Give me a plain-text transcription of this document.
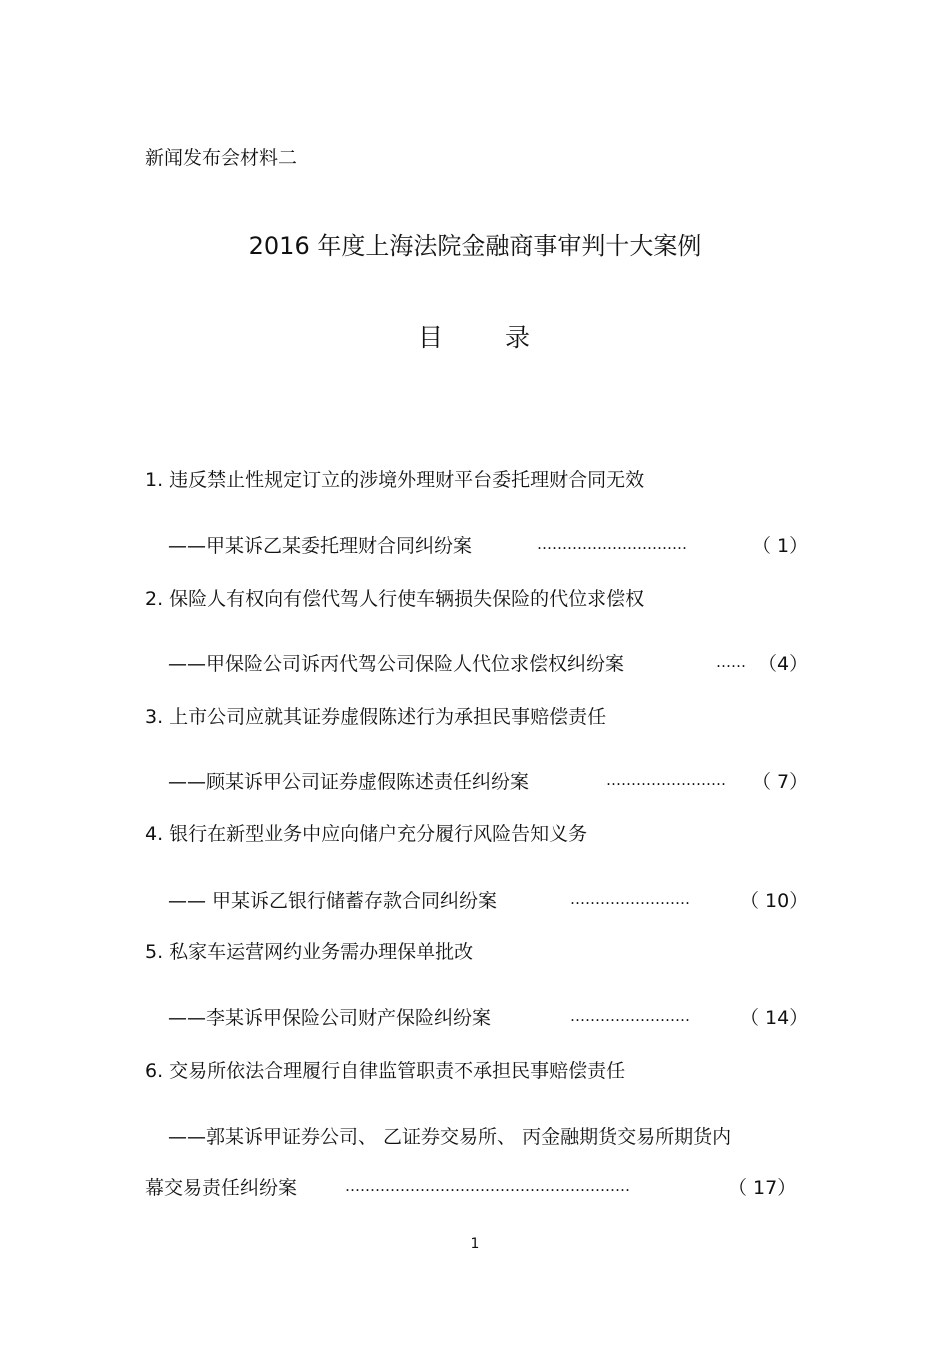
新闻发布会材料二
2016 年度上海法院金融商事审判十大案例
目 录
1. 违反禁止性规定订立的涉境外理财平台委托理财合同无效
——甲某诉乙某委托理财合同纠纷案	…………………………	（ 1）
2. 保险人有权向有偿代驾人行使车辆损失保险的代位求偿权
——甲保险公司诉丙代驾公司保险人代位求偿权纠纷案	…… （4）
3. 上市公司应就其证券虚假陈述行为承担民事赔偿责任
——顾某诉甲公司证券虚假陈述责任纠纷案	…………………… （ 7）
4. 银行在新型业务中应向储户充分履行风险告知义务
—— 甲某诉乙银行储蓄存款合同纠纷案	……………………	（ 10）
5. 私家车运营网约业务需办理保单批改
——李某诉甲保险公司财产保险纠纷案	……………………	（ 14）
6. 交易所依法合理履行自律监管职责不承担民事赔偿责任
——郭某诉甲证券公司、 乙证券交易所、 丙金融期货交易所期货内
幕交易责任纠纷案	…………………………………………………	（ 17）
1
